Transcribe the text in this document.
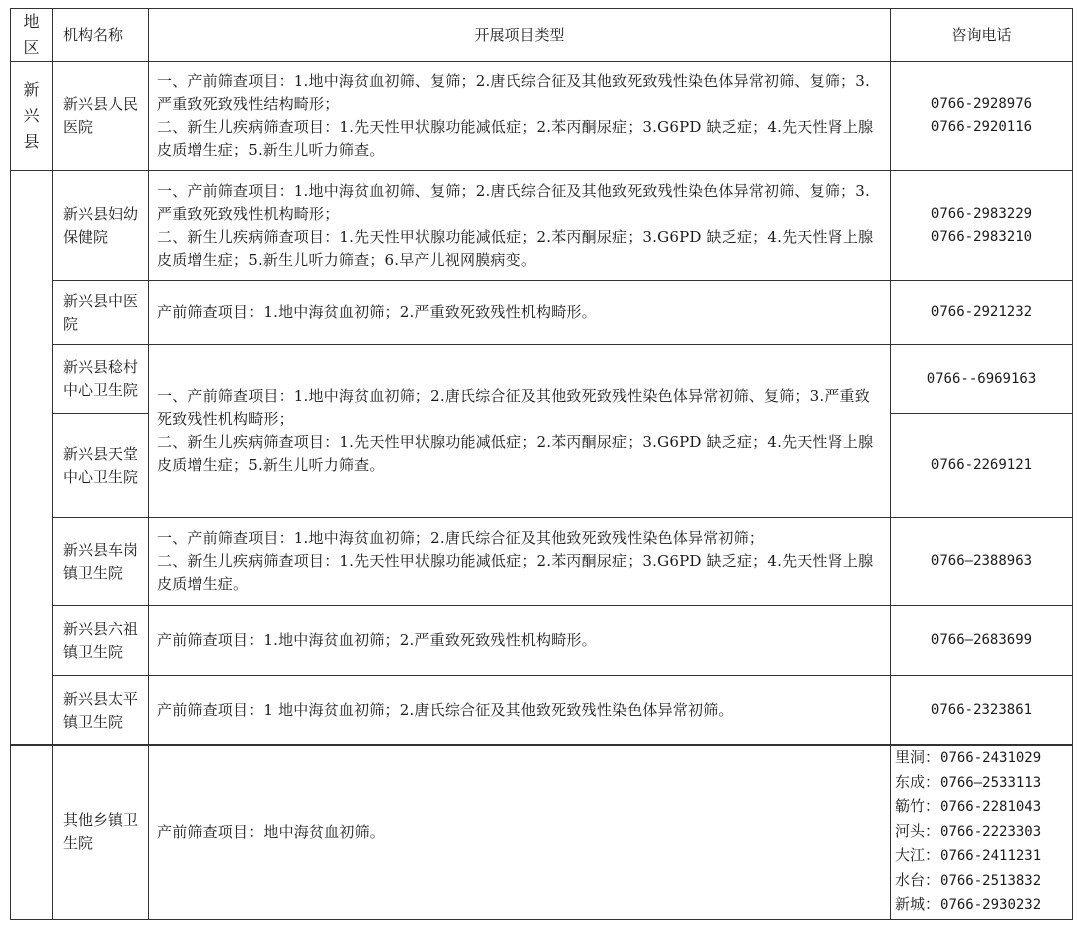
地区	机构名称	开展项目类型	咨询电话
新兴县	新兴县人民医院	一、产前筛查项目：1.地中海贫血初筛、复筛；2.唐氏综合征及其他致死致残性染色体异常初筛、复筛；3.严重致死致残性结构畸形；
二、新生儿疾病筛查项目：1.先天性甲状腺功能减低症；2.苯丙酮尿症；3.G6PD 缺乏症；4.先天性肾上腺皮质增生症；5.新生儿听力筛查。	0766-2928976
0766-2920116

	新兴县妇幼保健院	一、产前筛查项目：1.地中海贫血初筛、复筛；2.唐氏综合征及其他致死致残性染色体异常初筛、复筛；3.严重致死致残性机构畸形；
二、新生儿疾病筛查项目：1.先天性甲状腺功能减低症；2.苯丙酮尿症；3.G6PD 缺乏症；4.先天性肾上腺皮质增生症；5.新生儿听力筛查；6.早产儿视网膜病变。	0766-2983229
0766-2983210

	新兴县中医院	产前筛查项目：1.地中海贫血初筛；2.严重致死致残性机构畸形。	0766-2921232

	新兴县稔村中心卫生院	一、产前筛查项目：1.地中海贫血初筛；2.唐氏综合征及其他致死致残性染色体异常初筛、复筛；3.严重致死致残性机构畸形；
二、新生儿疾病筛查项目：1.先天性甲状腺功能减低症；2.苯丙酮尿症；3.G6PD 缺乏症；4.先天性肾上腺皮质增生症；5.新生儿听力筛查。	0766--6969163

	新兴县天堂中心卫生院		0766-2269121

	新兴县车岗镇卫生院	一、产前筛查项目：1.地中海贫血初筛；2.唐氏综合征及其他致死致残性染色体异常初筛；
二、新生儿疾病筛查项目：1.先天性甲状腺功能减低症；2.苯丙酮尿症；3.G6PD 缺乏症；4.先天性肾上腺皮质增生症。	0766—2388963

	新兴县六祖镇卫生院	产前筛查项目：1.地中海贫血初筛；2.严重致死致残性机构畸形。	0766—2683699

	新兴县太平镇卫生院	产前筛查项目：1 地中海贫血初筛；2.唐氏综合征及其他致死致残性染色体异常初筛。	0766-2323861
	其他乡镇卫生院	产前筛查项目：地中海贫血初筛。	
里洞：0766-2431029
东成：0766—2533113
簕竹：0766-2281043
河头：0766-2223303
大江：0766-2411231
水台：0766-2513832
新城：0766-2930232
